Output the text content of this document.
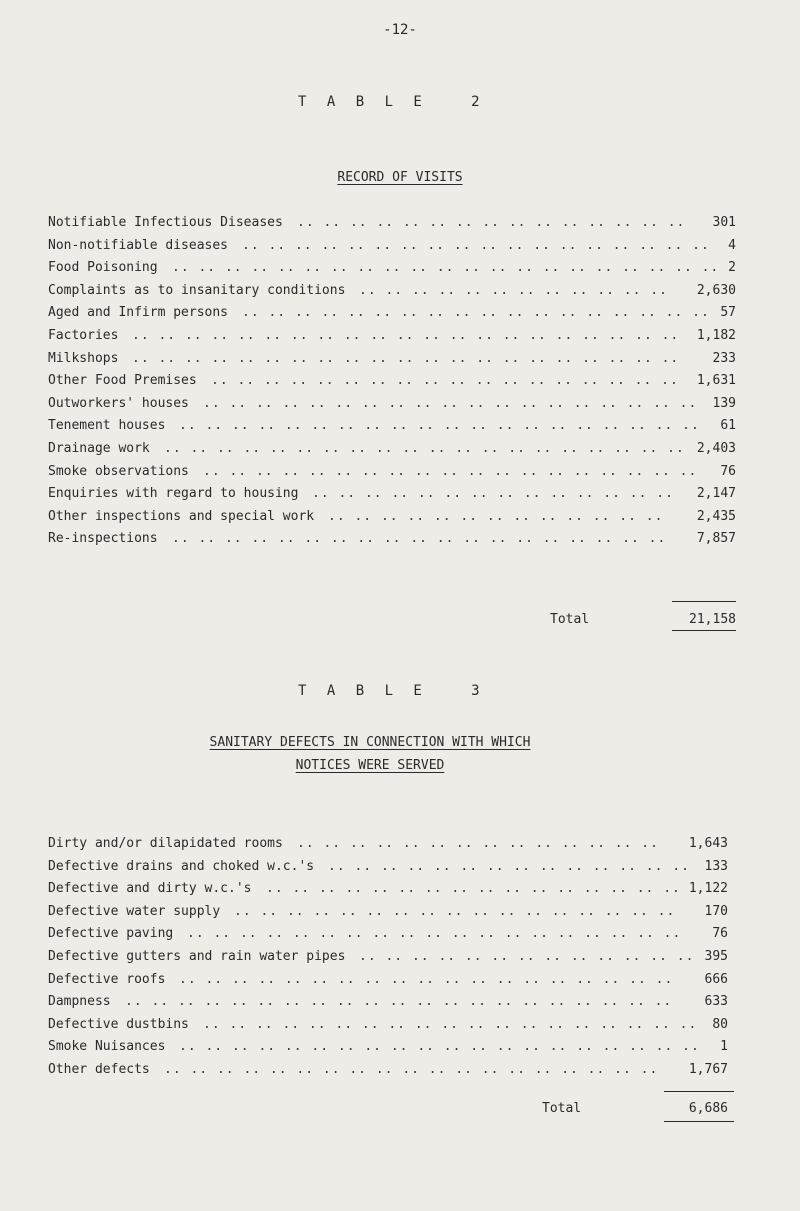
-12-
T A B L E   2
RECORD OF VISITS
Notifiable Infectious Diseases .. .. .. .. .. .. .. .. .. .. .. .. .. .. .. 301
Non-notifiable diseases .. .. .. .. .. .. .. .. .. .. .. .. .. .. .. .. .. .. 4
Food Poisoning .. .. .. .. .. .. .. .. .. .. .. .. .. .. .. .. .. .. .. .. .. 2
Complaints as to insanitary conditions .. .. .. .. .. .. .. .. .. .. .. .. 2,630
Aged and Infirm persons .. .. .. .. .. .. .. .. .. .. .. .. .. .. .. .. .. .. 57
Factories .. .. .. .. .. .. .. .. .. .. .. .. .. .. .. .. .. .. .. .. .. 1,182
Milkshops .. .. .. .. .. .. .. .. .. .. .. .. .. .. .. .. .. .. .. .. ..	233
Other Food Premises .. .. .. .. .. .. .. .. .. .. .. .. .. .. .. .. .. .. 1,631
Outworkers' houses .. .. .. .. .. .. .. .. .. .. .. .. .. .. .. .. .. .. .. 139
Tenement houses .. .. .. .. .. .. .. .. .. .. .. .. .. .. .. .. .. .. .. .. 61
Drainage work .. .. .. .. .. .. .. .. .. .. .. .. .. .. .. .. .. .. .. .. 2,403
Smoke observations .. .. .. .. .. .. .. .. .. .. .. .. .. .. .. .. .. .. .. 76
Enquiries with regard to housing .. .. .. .. .. .. .. .. .. .. .. .. .. .. 2,147
Other inspections and special work .. .. .. .. .. .. .. .. .. .. .. .. ..	2,435
Re-inspections .. .. .. .. .. .. .. .. .. .. .. .. .. .. .. .. .. .. .. 7,857
Total	21,158
T A B L E   3
SANITARY DEFECTS IN CONNECTION WITH WHICH
NOTICES WERE SERVED
Dirty and/or dilapidated rooms .. .. .. .. .. .. .. .. .. .. .. .. .. .. 1,643
Defective drains and choked w.c.'s .. .. .. .. .. .. .. .. .. .. .. .. .. .. 133
Defective and dirty w.c.'s .. .. .. .. .. .. .. .. .. .. .. .. .. .. .. .. 1,122
Defective water supply .. .. .. .. .. .. .. .. .. .. .. .. .. .. .. .. .. 170
Defective paving .. .. .. .. .. .. .. .. .. .. .. .. .. .. .. .. .. .. .. 76
Defective gutters and rain water pipes .. .. .. .. .. .. .. .. .. .. .. .. .. 395
Defective roofs .. .. .. .. .. .. .. .. .. .. .. .. .. .. .. .. .. .. .. 666
Dampness .. .. .. .. .. .. .. .. .. .. .. .. .. .. .. .. .. .. .. .. .. 633
Defective dustbins .. .. .. .. .. .. .. .. .. .. .. .. .. .. .. .. .. .. .. 80
Smoke Nuisances .. .. .. .. .. .. .. .. .. .. .. .. .. .. .. .. .. .. .. .. 1
Other defects .. .. .. .. .. .. .. .. .. .. .. .. .. .. .. .. .. .. .. 1,767
Total	6,686
